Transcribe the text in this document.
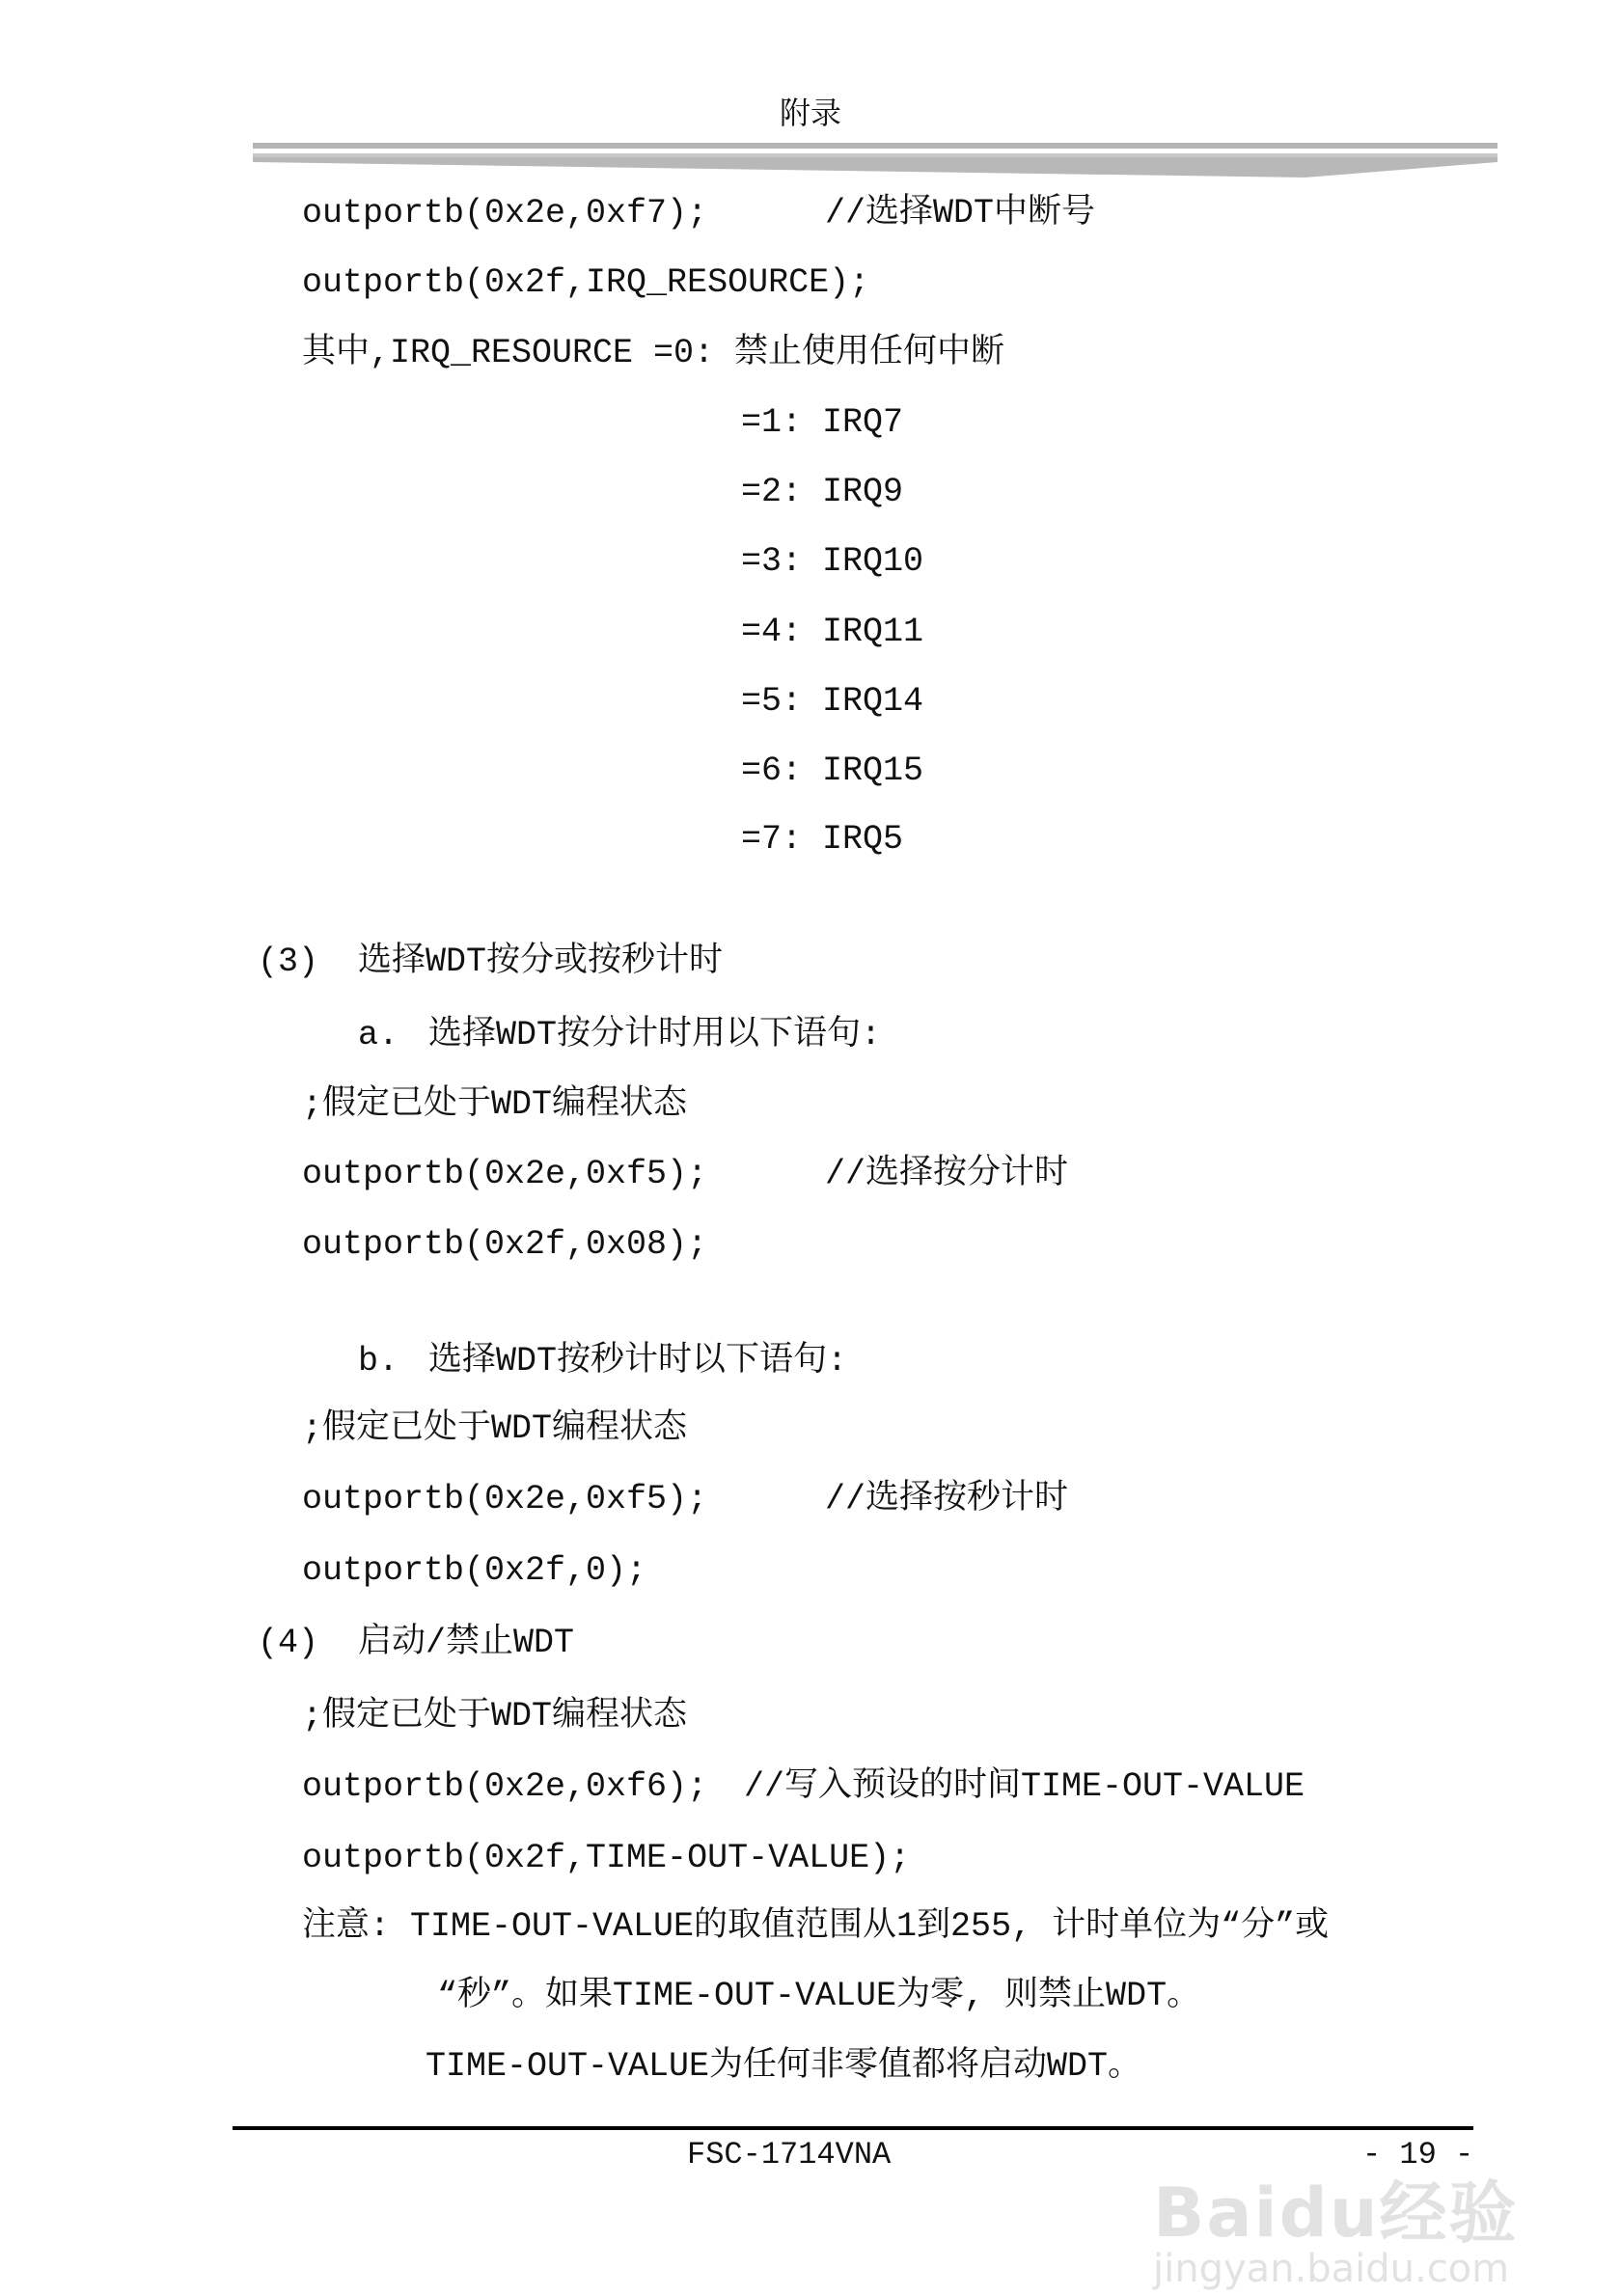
附录
outportb(0x2e,0xf7);	//选择WDT中断号
outportb(0x2f,IRQ_RESOURCE);
其中,IRQ_RESOURCE =0: 禁止使用任何中断
=1: IRQ7
=2: IRQ9
=3: IRQ10
=4: IRQ11
=5: IRQ14
=6: IRQ15
=7: IRQ5
(3) 选择WDT按分或按秒计时
a. 选择WDT按分计时用以下语句:
;假定已处于WDT编程状态
outportb(0x2e,0xf5);	//选择按分计时
outportb(0x2f,0x08);
b. 选择WDT按秒计时以下语句:
;假定已处于WDT编程状态
outportb(0x2e,0xf5);	//选择按秒计时
outportb(0x2f,0);
(4) 启动/禁止WDT
;假定已处于WDT编程状态
outportb(0x2e,0xf6); //写入预设的时间TIME-OUT-VALUE
outportb(0x2f,TIME-OUT-VALUE);
注意: TIME-OUT-VALUE的取值范围从1到255, 计时单位为“分”或
“秒”。如果TIME-OUT-VALUE为零, 则禁止WDT。
TIME-OUT-VALUE为任何非零值都将启动WDT。
FSC-1714VNA	- 19 -
Baidu经验
jingyan.baidu.com
